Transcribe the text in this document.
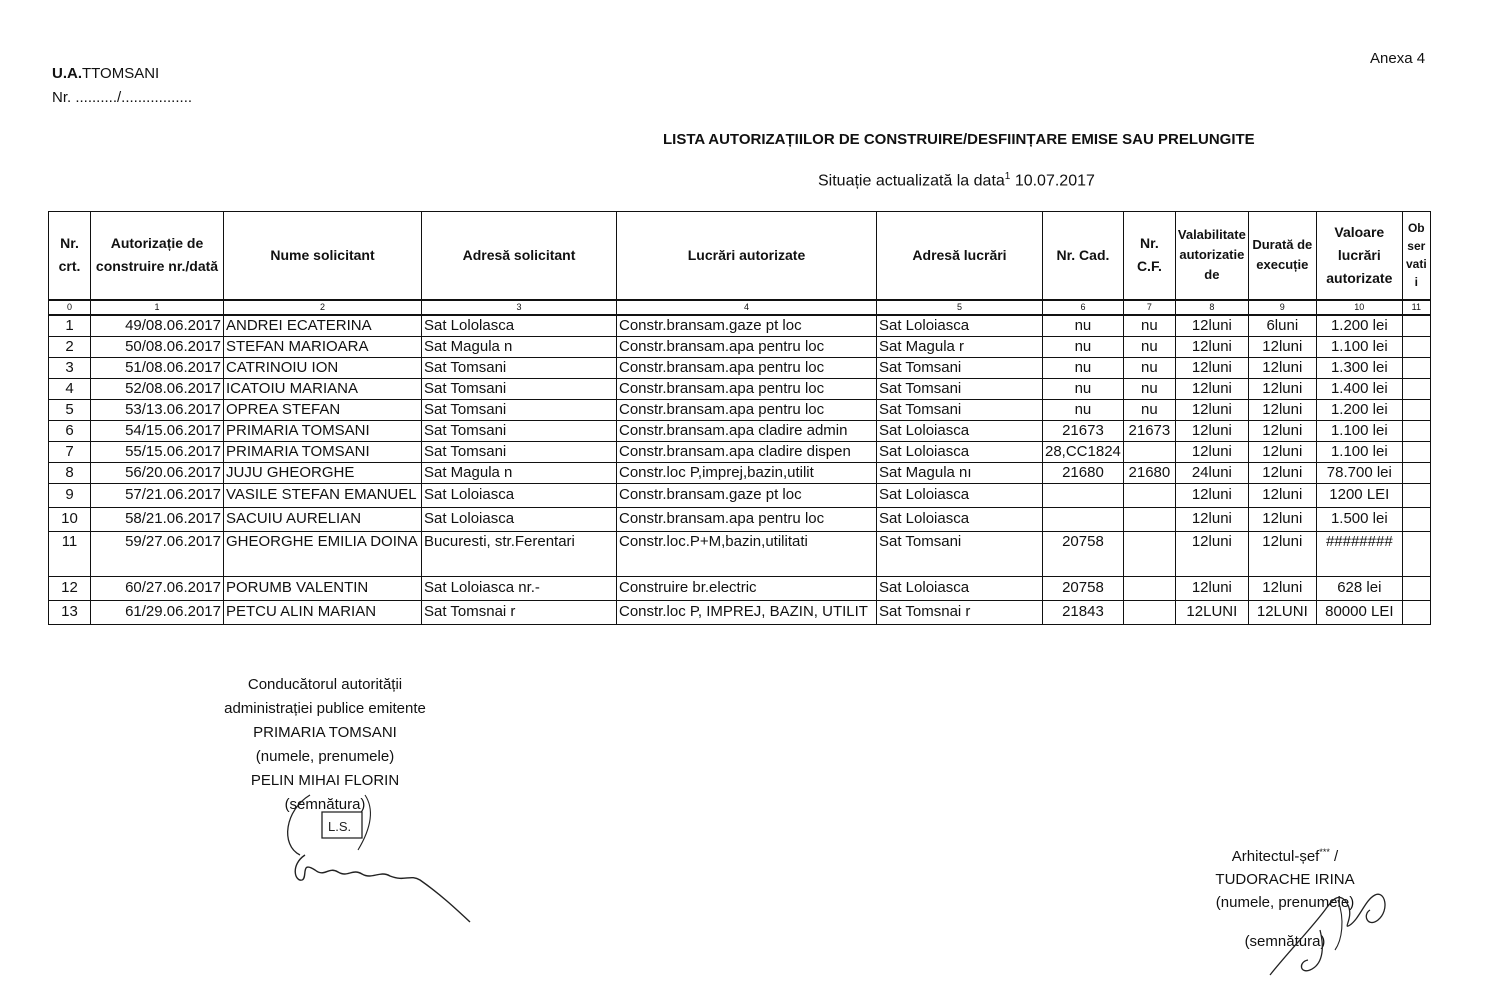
Anexa 4
U.A.TTOMSANI
Nr. ........../.................
LISTA AUTORIZAȚIILOR DE CONSTRUIRE/DESFIINȚARE EMISE SAU PRELUNGITE
Situație actualizată la data$^1$ 10.07.2017
Nr. crt.	Autorizație de construire nr./dată	Nume solicitant	Adresă solicitant	Lucrări autorizate	Adresă lucrări	Nr. Cad.	Nr. C.F.	Valabilitate autorizatie de	Durată de execuție	Valoare lucrări autorizate	Observatii
0	1	2	3	4	5	6	7	8	9	10	11
1	49/08.06.2017	ANDREI ECATERINA	Sat Lololasca	Constr.bransam.gaze pt loc	Sat Loloiasca	nu	nu	12luni	6luni	1.200 lei	
2	50/08.06.2017	STEFAN MARIOARA	Sat Magula n	Constr.bransam.apa pentru loc	Sat Magula r	nu	nu	12luni	12luni	1.100 lei	
3	51/08.06.2017	CATRINOIU ION	Sat Tomsani	Constr.bransam.apa pentru loc	Sat Tomsani	nu	nu	12luni	12luni	1.300 lei	
4	52/08.06.2017	ICATOIU MARIANA	Sat Tomsani	Constr.bransam.apa pentru loc	Sat Tomsani	nu	nu	12luni	12luni	1.400 lei	
5	53/13.06.2017	OPREA STEFAN	Sat Tomsani	Constr.bransam.apa pentru loc	Sat Tomsani	nu	nu	12luni	12luni	1.200 lei	
6	54/15.06.2017	PRIMARIA TOMSANI	Sat Tomsani	Constr.bransam.apa cladire admin	Sat Loloiasca	21673	21673	12luni	12luni	1.100 lei	
7	55/15.06.2017	PRIMARIA TOMSANI	Sat Tomsani	Constr.bransam.apa cladire dispen	Sat Loloiasca	28,CC1824		12luni	12luni	1.100 lei	
8	56/20.06.2017	JUJU GHEORGHE	Sat Magula n	Constr.loc P,imprej,bazin,utilit	Sat Magula nı	21680	21680	24luni	12luni	78.700 lei	
9	57/21.06.2017	VASILE STEFAN EMANUEL	Sat Loloiasca	Constr.bransam.gaze pt loc	Sat Loloiasca			12luni	12luni	1200 LEI	
10	58/21.06.2017	SACUIU AURELIAN	Sat Loloiasca	Constr.bransam.apa pentru loc	Sat Loloiasca			12luni	12luni	1.500 lei	
11	59/27.06.2017	GHEORGHE EMILIA DOINA	Bucuresti, str.Ferentari	Constr.loc.P+M,bazin,utilitati	Sat Tomsani	20758		12luni	12luni	########	
12	60/27.06.2017	PORUMB VALENTIN	Sat Loloiasca nr.-	Construire br.electric	Sat Loloiasca	20758		12luni	12luni	628 lei	
13	61/29.06.2017	PETCU ALIN MARIAN	Sat Tomsnai r	Constr.loc P, IMPREJ, BAZIN, UTILIT	Sat Tomsnai r	21843		12LUNI	12LUNI	80000 LEI	
Conducătorul autorității
administrației publice emitente
PRIMARIA TOMSANI
(numele, prenumele)
PELIN MIHAI FLORIN
(semnătura)
L.S.
Arhitectul-șef*** /
TUDORACHE IRINA
(numele, prenumele)
(semnătura)
